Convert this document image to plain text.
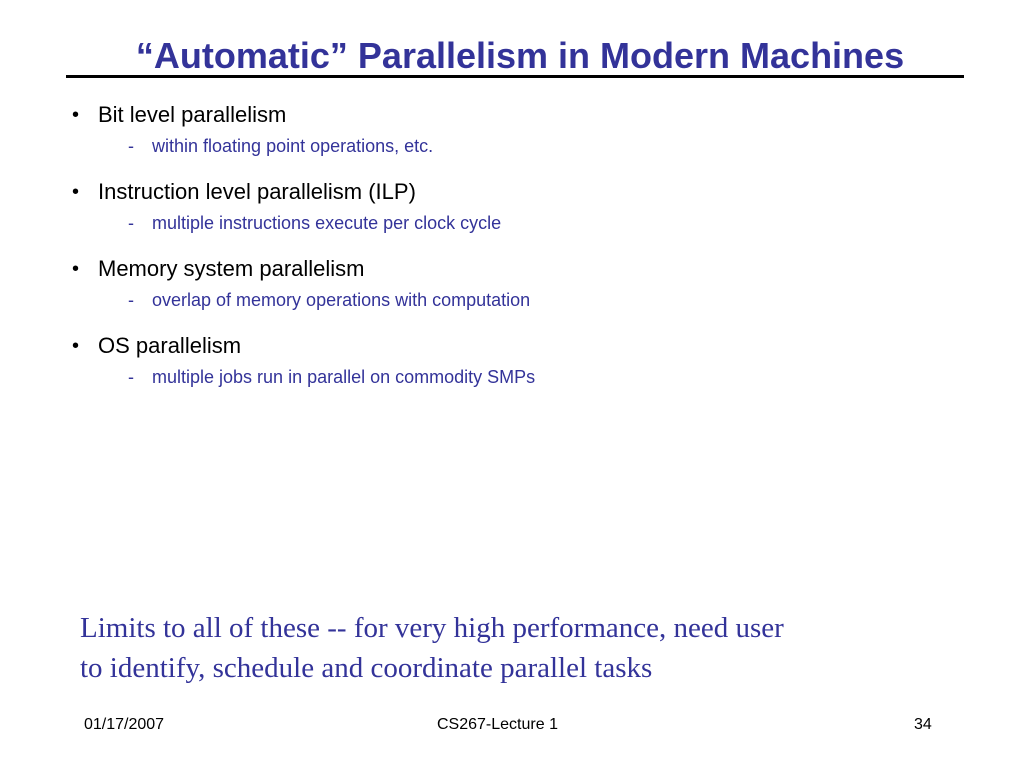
“Automatic” Parallelism in Modern Machines
• Bit level parallelism
-	within floating point operations, etc.
• Instruction level parallelism (ILP)
-	multiple instructions execute per clock cycle
• Memory system parallelism
-	overlap of memory operations with computation
• OS parallelism
-	multiple jobs run in parallel on commodity SMPs
Limits to all of these -- for very high performance, need user
to identify, schedule and coordinate parallel tasks
01/17/2007	CS267-Lecture 1	34
